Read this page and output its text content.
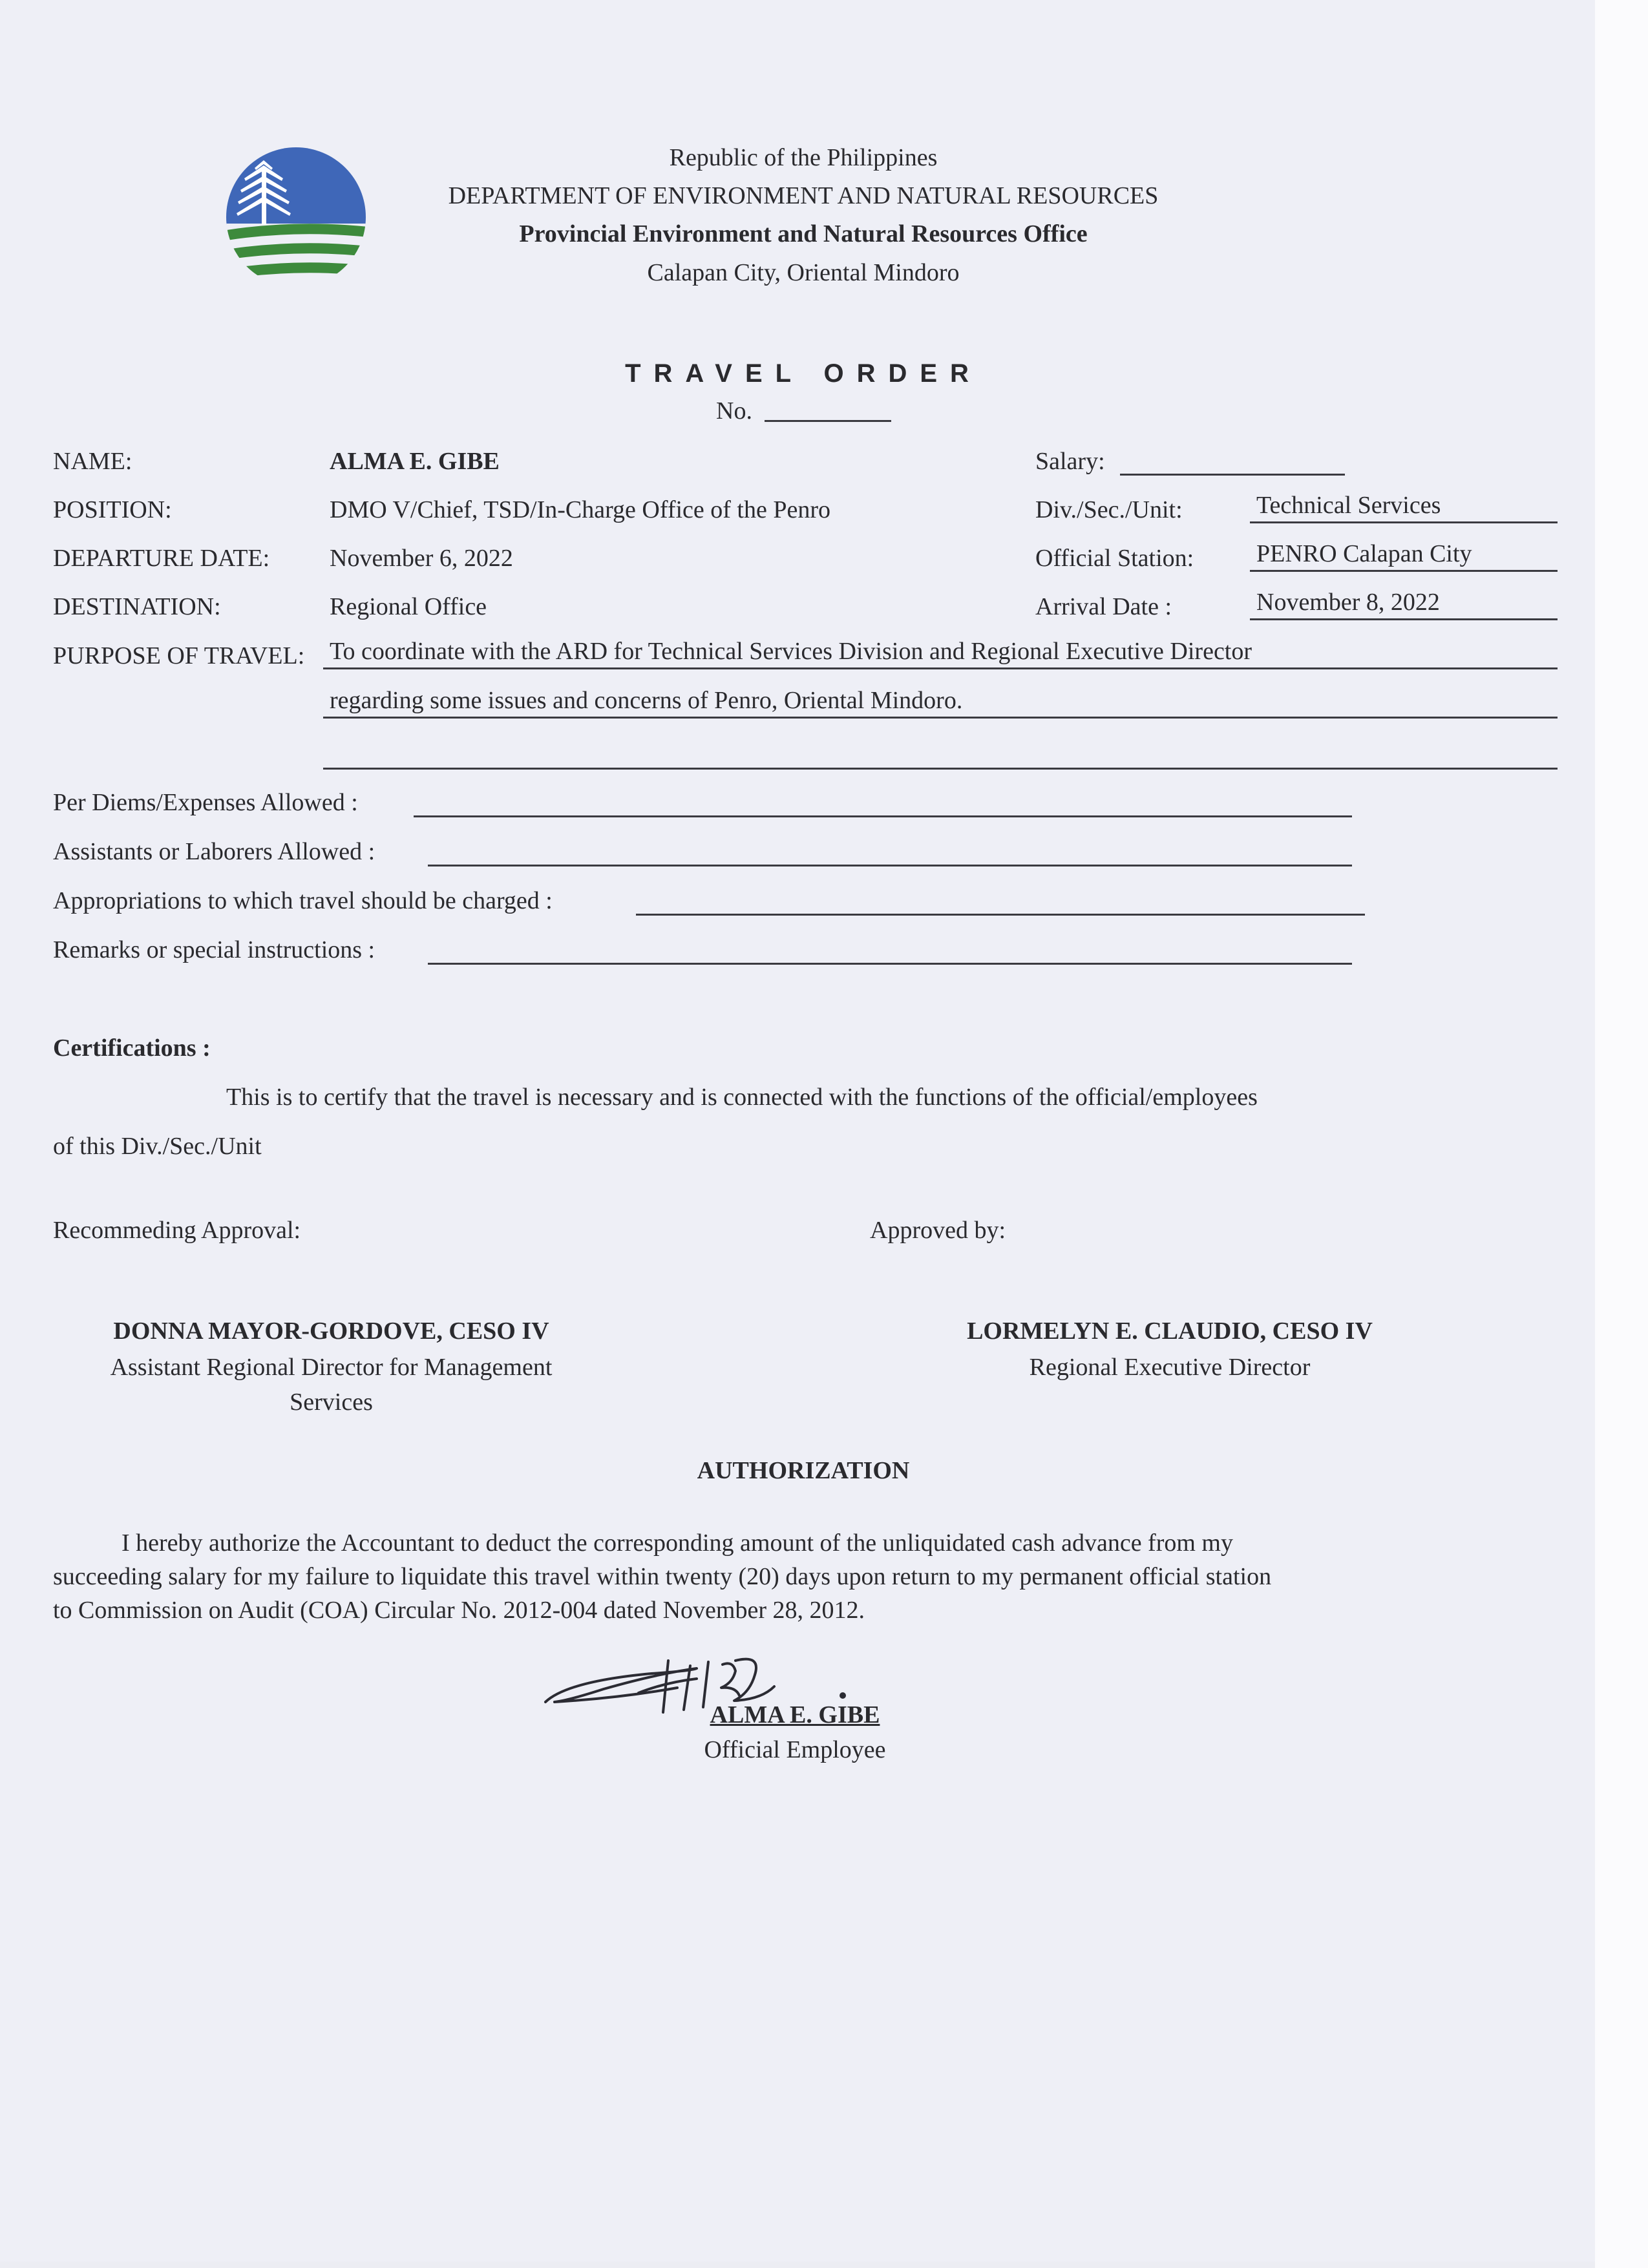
Republic of the Philippines
DEPARTMENT OF ENVIRONMENT AND NATURAL RESOURCES
Provincial Environment and Natural Resources Office
Calapan City, Oriental Mindoro
TRAVEL ORDER
No.
NAME:	ALMA E. GIBE
POSITION:	DMO V/Chief, TSD/In-Charge Office of the Penro
DEPARTURE DATE: November 6, 2022
DESTINATION:	Regional Office
PURPOSE OF TRAVEL: To coordinate with the ARD for Technical Services Division and Regional Executive Director
regarding some issues and concerns of Penro, Oriental Mindoro.
Salary:
Div./Sec./Unit:	Technical Services
Official Station:	PENRO Calapan City
Arrival Date :	November 8, 2022
Per Diems/Expenses Allowed :
Assistants or Laborers Allowed :
Appropriations to which travel should be charged :
Remarks or special instructions :
Certifications :
This is to certify that the travel is necessary and is connected with the functions of the official/employees
of this Div./Sec./Unit
Recommeding Approval:	Approved by:
DONNA MAYOR-GORDOVE, CESO IV
Assistant Regional Director for Management
Services
LORMELYN E. CLAUDIO, CESO IV
Regional Executive Director
AUTHORIZATION
I hereby authorize the Accountant to deduct the corresponding amount of the unliquidated cash advance from my
succeeding salary for my failure to liquidate this travel within twenty (20) days upon return to my permanent official station
to Commission on Audit (COA) Circular No. 2012-004 dated November 28, 2012.
ALMA E. GIBE
Official Employee
